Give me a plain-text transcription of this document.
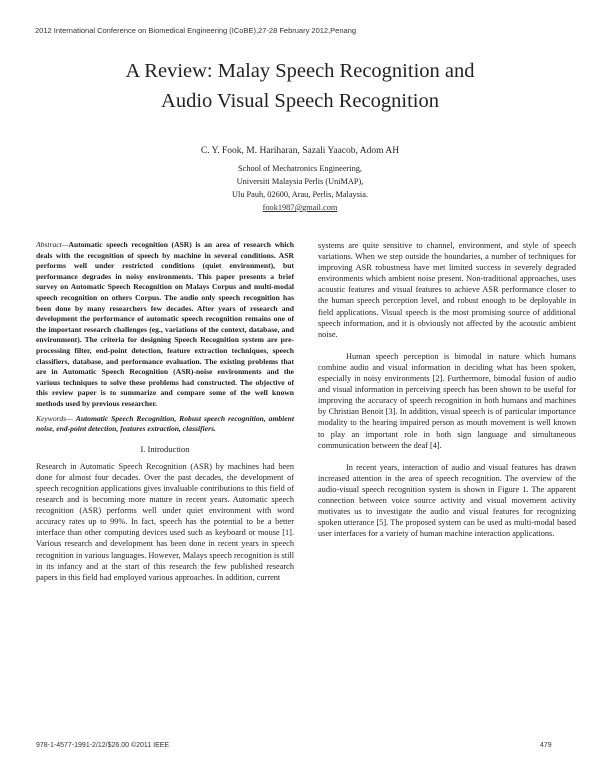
2012 International Conference on Biomedical Engineering (ICoBE),27-28 February 2012,Penang
A Review: Malay Speech Recognition and
Audio Visual Speech Recognition
C. Y. Fook, M. Hariharan, Sazali Yaacob, Adom AH
School of Mechatronics Engineering,
Universiti Malaysia Perlis (UniMAP),
Ulu Pauh, 02600, Arau, Perlis, Malaysia.
fook1987@gmail.com

Abstract—Automatic speech recognition (ASR) is an area of research which deals with the recognition of speech by machine in several conditions. ASR performs well under restricted conditions (quiet environment), but performance degrades in noisy environments. This paper presents a brief survey on Automatic Speech Recognition on Malays Corpus and multi-modal speech recognition on others Corpus. The audio only speech recognition has been done by many researchers few decades. After years of research and development the performance of automatic speech recognition remains one of the important research challenges (eg., variations of the context, database, and environment). The criteria for designing Speech Recognition system are pre-processing filter, end-point detection, feature extraction techniques, speech classifiers, database, and performance evaluation. The existing problems that are in Automatic Speech Recognition (ASR)-noise environments and the various techniques to solve these problems had constructed. The objective of this review paper is to summarize and compare some of the well known methods used by previous researcher.

Keywords— Automatic Speech Recognition, Robust speech recognition, ambient noise, end-point detection, features extraction, classifiers.

I. Introduction

Research in Automatic Speech Recognition (ASR) by machines had been done for almost four decades. Over the past decades, the development of speech recognition applications gives invaluable contributions to this field of research and is becoming more mature in recent years. Automatic speech recognition (ASR) performs well under quiet environment with word accuracy rates up to 99%. In fact, speech has the potential to be a better interface than other computing devices used such as keyboard or mouse [1]. Various research and development has been done in recent years in speech recognition in various languages. However, Malays speech recognition is still in its infancy and at the start of this research the few published research papers in this field had employed various approaches. In addition, current

systems are quite sensitive to channel, environment, and style of speech variations. When we step outside the boundaries, a number of techniques for improving ASR robustness have met limited success in severely degraded environments which ambient noise present. Non-traditional approaches, uses acoustic features and visual features to achieve ASR performance closer to the human speech perception level, and robust enough to be deployable in field applications. Visual speech is the most promising source of additional speech information, and it is obviously not affected by the acoustic ambient noise.

Human speech perception is bimodal in nature which humans combine audio and visual information in deciding what has been spoken, especially in noisy environments [2]. Furthermore, bimodal fusion of audio and visual information in perceiving speech has been shown to be useful for improving the accuracy of speech recognition in both humans and machines by Christian Benoit [3]. In addition, visual speech is of particular importance modality to the hearing impaired person as mouth movement is well known to play an important role in both sign language and simultaneous communication between the deaf [4].

In recent years, interaction of audio and visual features has drawn increased attention in the area of speech recognition. The overview of the audio-visual speech recognition system is shown in Figure 1. The apparent connection between voice source activity and visual movement activity motivates us to investigate the audio and visual features for recognizing spoken utterance [5]. The proposed system can be used as multi-modal based user interfaces for a variety of human machine interaction applications.

978-1-4577-1991-2/12/$26.00 ©2011 IEEE	479
